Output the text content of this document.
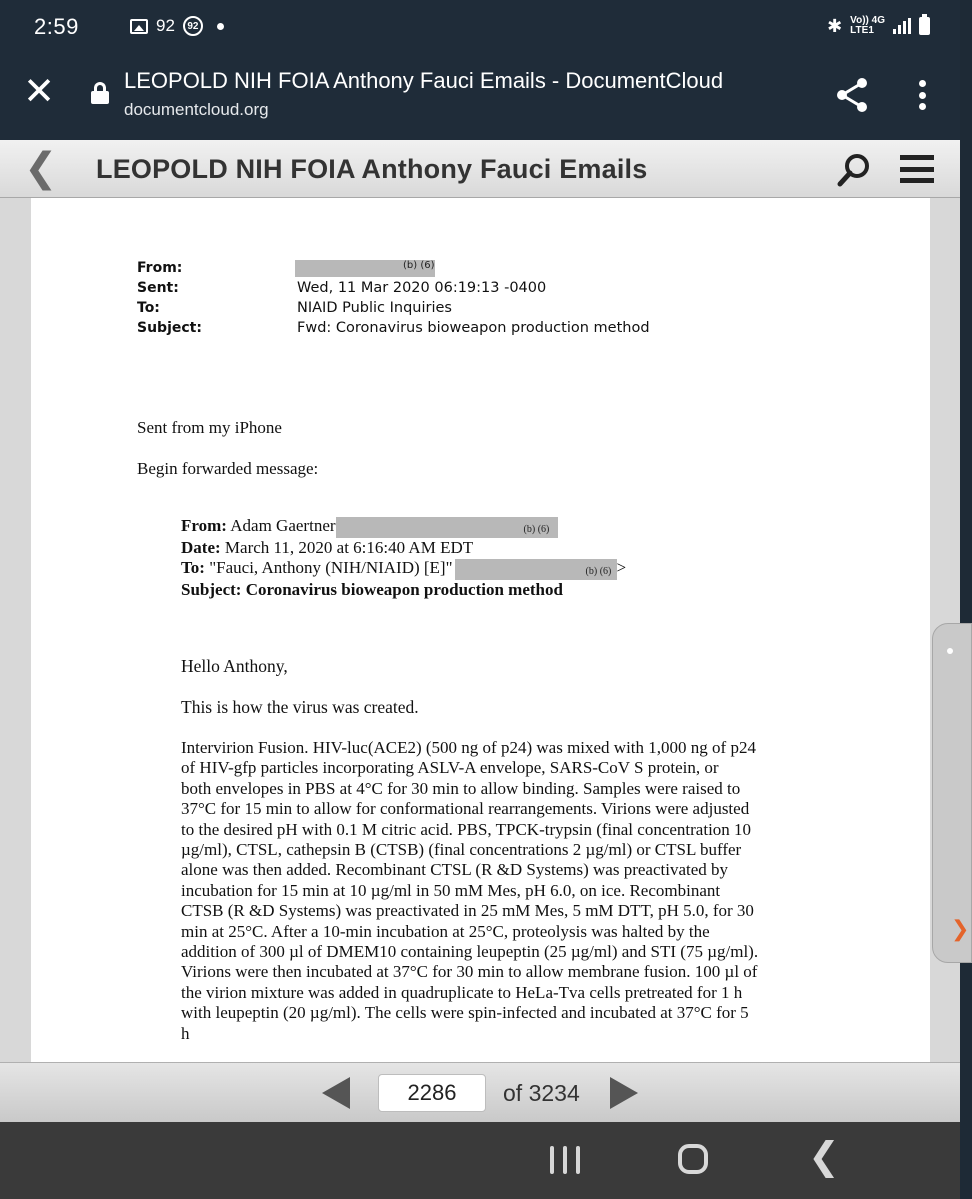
2:59	92	92	✱ Vo)) 4G
LTE1
✕	LEOPOLD NIH FOIA Anthony Fauci Emails - DocumentCloud
documentcloud.org
❮ LEOPOLD NIH FOIA Anthony Fauci Emails
❯
From:	(b) (6)
Sent:	Wed, 11 Mar 2020 06:19:13 -0400
To:	NIAID Public Inquiries
Subject:	Fwd: Coronavirus bioweapon production method
Sent from my iPhone
Begin forwarded message:
From: Adam Gaertner	(b) (6)
Date: March 11, 2020 at 6:16:40 AM EDT
To: "Fauci, Anthony (NIH/NIAID) [E]"	(b) (6) >
Subject: Coronavirus bioweapon production method
Hello Anthony,
This is how the virus was created.
Intervirion Fusion. HIV-luc(ACE2) (500 ng of p24) was mixed with 1,000 ng of p24
of HIV-gfp particles incorporating ASLV-A envelope, SARS-CoV S protein, or
both envelopes in PBS at 4°C for 30 min to allow binding. Samples were raised to
37°C for 15 min to allow for conformational rearrangements. Virions were adjusted
to the desired pH with 0.1 M citric acid. PBS, TPCK-trypsin (final concentration 10
µg/ml), CTSL, cathepsin B (CTSB) (final concentrations 2 µg/ml) or CTSL buffer
alone was then added. Recombinant CTSL (R &D Systems) was preactivated by
incubation for 15 min at 10 µg/ml in 50 mM Mes, pH 6.0, on ice. Recombinant
CTSB (R &D Systems) was preactivated in 25 mM Mes, 5 mM DTT, pH 5.0, for 30
min at 25°C. After a 10-min incubation at 25°C, proteolysis was halted by the
addition of 300 µl of DMEM10 containing leupeptin (25 µg/ml) and STI (75 µg/ml).
Virions were then incubated at 37°C for 30 min to allow membrane fusion. 100 µl of
the virion mixture was added in quadruplicate to HeLa-Tva cells pretreated for 1 h
with leupeptin (20 µg/ml). The cells were spin-infected and incubated at 37°C for 5
h
2286
of 3234
❮
